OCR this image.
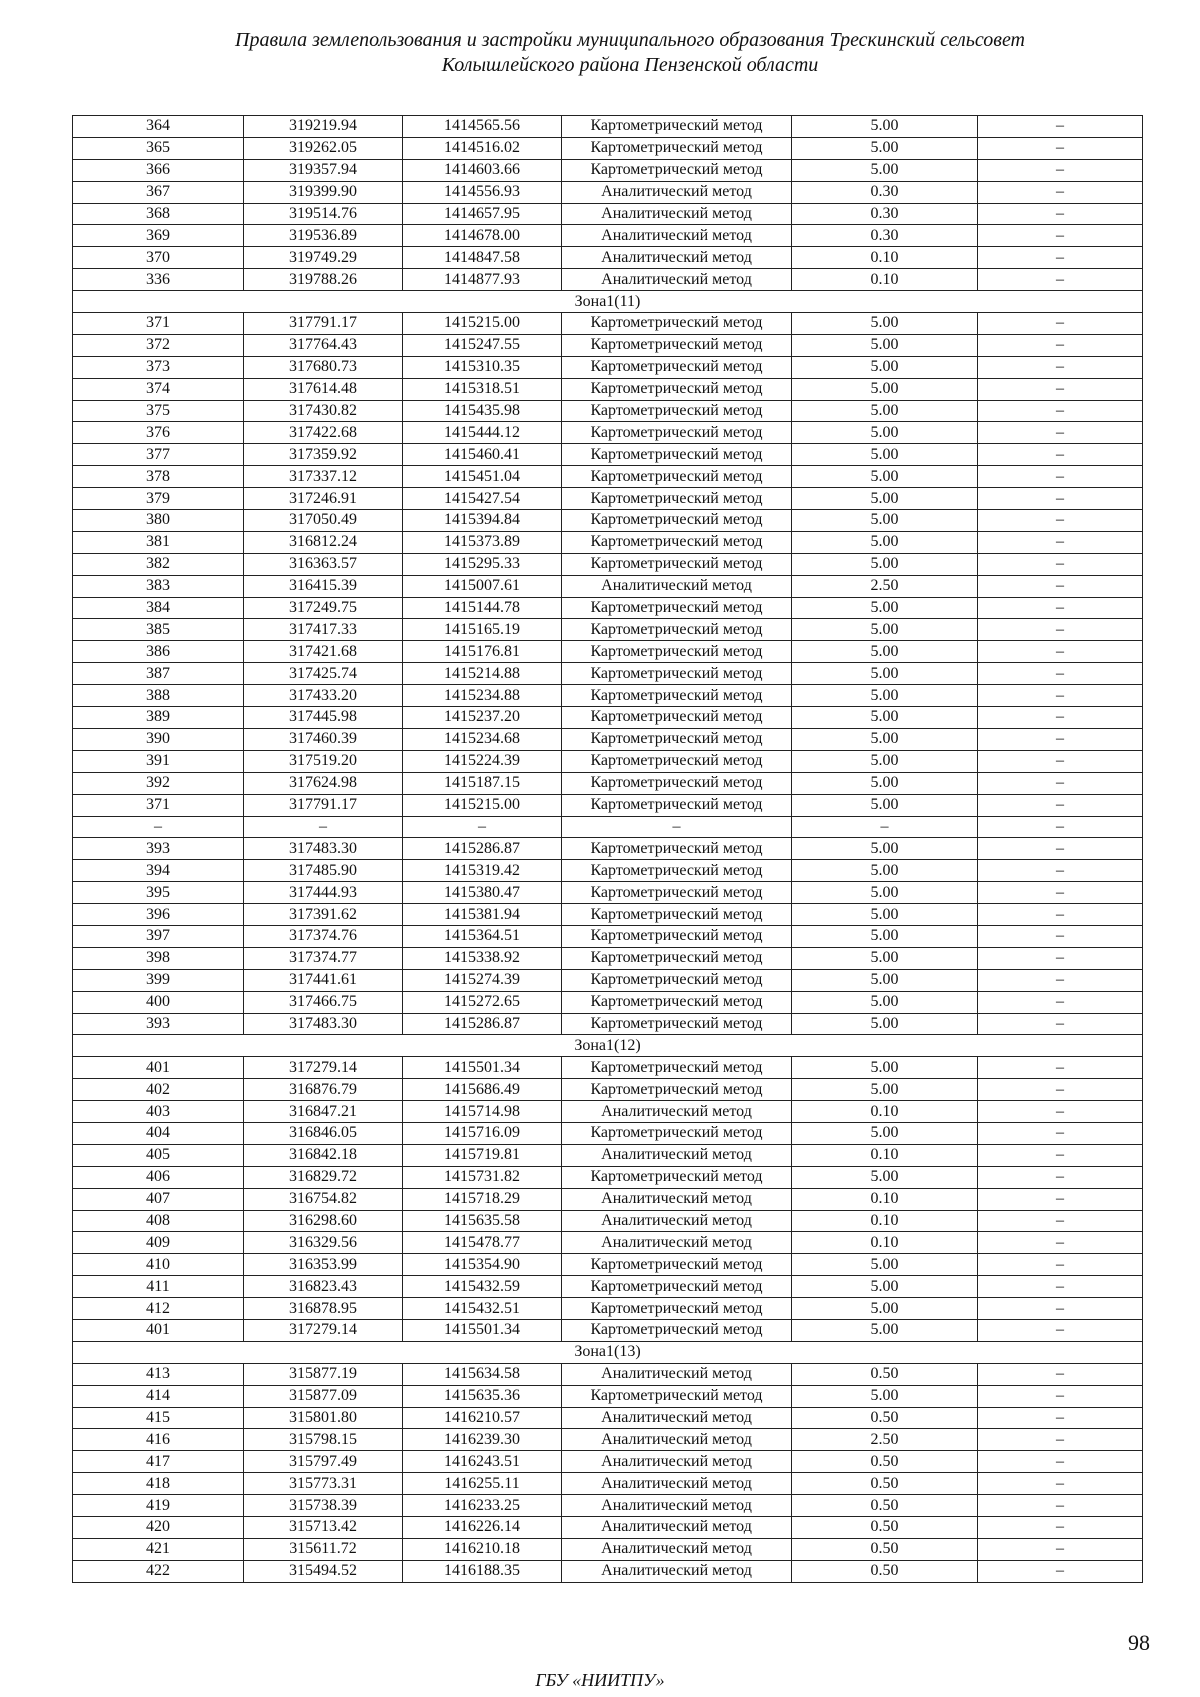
Правила землепользования и застройки муниципального образования Трескинский сельсовет
Колышлейского района Пензенской области
364	319219.94	1414565.56	Картометрический метод	5.00	–
365	319262.05	1414516.02	Картометрический метод	5.00	–
366	319357.94	1414603.66	Картометрический метод	5.00	–
367	319399.90	1414556.93	Аналитический метод	0.30	–
368	319514.76	1414657.95	Аналитический метод	0.30	–
369	319536.89	1414678.00	Аналитический метод	0.30	–
370	319749.29	1414847.58	Аналитический метод	0.10	–
336	319788.26	1414877.93	Аналитический метод	0.10	–
Зона1(11)					
371	317791.17	1415215.00	Картометрический метод	5.00	–
372	317764.43	1415247.55	Картометрический метод	5.00	–
373	317680.73	1415310.35	Картометрический метод	5.00	–
374	317614.48	1415318.51	Картометрический метод	5.00	–
375	317430.82	1415435.98	Картометрический метод	5.00	–
376	317422.68	1415444.12	Картометрический метод	5.00	–
377	317359.92	1415460.41	Картометрический метод	5.00	–
378	317337.12	1415451.04	Картометрический метод	5.00	–
379	317246.91	1415427.54	Картометрический метод	5.00	–
380	317050.49	1415394.84	Картометрический метод	5.00	–
381	316812.24	1415373.89	Картометрический метод	5.00	–
382	316363.57	1415295.33	Картометрический метод	5.00	–
383	316415.39	1415007.61	Аналитический метод	2.50	–
384	317249.75	1415144.78	Картометрический метод	5.00	–
385	317417.33	1415165.19	Картометрический метод	5.00	–
386	317421.68	1415176.81	Картометрический метод	5.00	–
387	317425.74	1415214.88	Картометрический метод	5.00	–
388	317433.20	1415234.88	Картометрический метод	5.00	–
389	317445.98	1415237.20	Картометрический метод	5.00	–
390	317460.39	1415234.68	Картометрический метод	5.00	–
391	317519.20	1415224.39	Картометрический метод	5.00	–
392	317624.98	1415187.15	Картометрический метод	5.00	–
371	317791.17	1415215.00	Картометрический метод	5.00	–
–	–	–	–	–	–
393	317483.30	1415286.87	Картометрический метод	5.00	–
394	317485.90	1415319.42	Картометрический метод	5.00	–
395	317444.93	1415380.47	Картометрический метод	5.00	–
396	317391.62	1415381.94	Картометрический метод	5.00	–
397	317374.76	1415364.51	Картометрический метод	5.00	–
398	317374.77	1415338.92	Картометрический метод	5.00	–
399	317441.61	1415274.39	Картометрический метод	5.00	–
400	317466.75	1415272.65	Картометрический метод	5.00	–
393	317483.30	1415286.87	Картометрический метод	5.00	–
Зона1(12)					
401	317279.14	1415501.34	Картометрический метод	5.00	–
402	316876.79	1415686.49	Картометрический метод	5.00	–
403	316847.21	1415714.98	Аналитический метод	0.10	–
404	316846.05	1415716.09	Картометрический метод	5.00	–
405	316842.18	1415719.81	Аналитический метод	0.10	–
406	316829.72	1415731.82	Картометрический метод	5.00	–
407	316754.82	1415718.29	Аналитический метод	0.10	–
408	316298.60	1415635.58	Аналитический метод	0.10	–
409	316329.56	1415478.77	Аналитический метод	0.10	–
410	316353.99	1415354.90	Картометрический метод	5.00	–
411	316823.43	1415432.59	Картометрический метод	5.00	–
412	316878.95	1415432.51	Картометрический метод	5.00	–
401	317279.14	1415501.34	Картометрический метод	5.00	–
Зона1(13)					
413	315877.19	1415634.58	Аналитический метод	0.50	–
414	315877.09	1415635.36	Картометрический метод	5.00	–
415	315801.80	1416210.57	Аналитический метод	0.50	–
416	315798.15	1416239.30	Аналитический метод	2.50	–
417	315797.49	1416243.51	Аналитический метод	0.50	–
418	315773.31	1416255.11	Аналитический метод	0.50	–
419	315738.39	1416233.25	Аналитический метод	0.50	–
420	315713.42	1416226.14	Аналитический метод	0.50	–
421	315611.72	1416210.18	Аналитический метод	0.50	–
422	315494.52	1416188.35	Аналитический метод	0.50	–
98
ГБУ «НИИТПУ»
